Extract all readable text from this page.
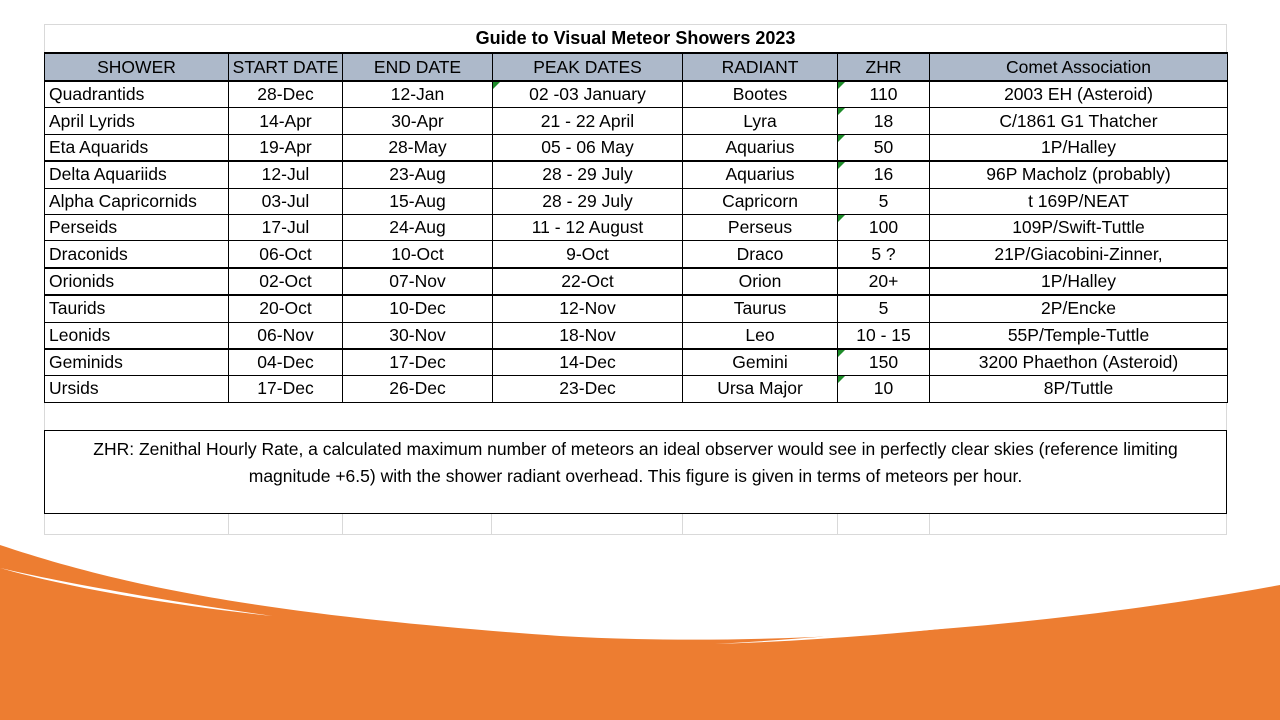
Guide to Visual Meteor Showers 2023
SHOWER	START DATE	END DATE	PEAK DATES	RADIANT	ZHR	Comet Association
Quadrantids	28-Dec	12-Jan	02 -03 January	Bootes	110	2003 EH (Asteroid)
April Lyrids	14-Apr	30-Apr	21 - 22 April	Lyra	18	C/1861 G1 Thatcher
Eta Aquarids	19-Apr	28-May	05 - 06 May	Aquarius	50	1P/Halley
Delta Aquariids	12-Jul	23-Aug	28 - 29 July	Aquarius	16	96P Macholz (probably)
Alpha Capricornids	03-Jul	15-Aug	28 - 29 July	Capricorn	5	t 169P/NEAT
Perseids	17-Jul	24-Aug	11 - 12 August	Perseus	100	109P/Swift-Tuttle
Draconids	06-Oct	10-Oct	9-Oct	Draco	5 ?	21P/Giacobini-Zinner,
Orionids	02-Oct	07-Nov	22-Oct	Orion	20+	1P/Halley
Taurids	20-Oct	10-Dec	12-Nov	Taurus	5	2P/Encke
Leonids	06-Nov	30-Nov	18-Nov	Leo	10 - 15	55P/Temple-Tuttle
Geminids	04-Dec	17-Dec	14-Dec	Gemini	150	3200 Phaethon (Asteroid)
Ursids	17-Dec	26-Dec	23-Dec	Ursa Major	10	8P/Tuttle
ZHR: Zenithal Hourly Rate, a calculated maximum number of meteors an ideal observer would see in perfectly clear skies (reference limiting magnitude +6.5) with the shower radiant overhead. This figure is given in terms of meteors per hour.
